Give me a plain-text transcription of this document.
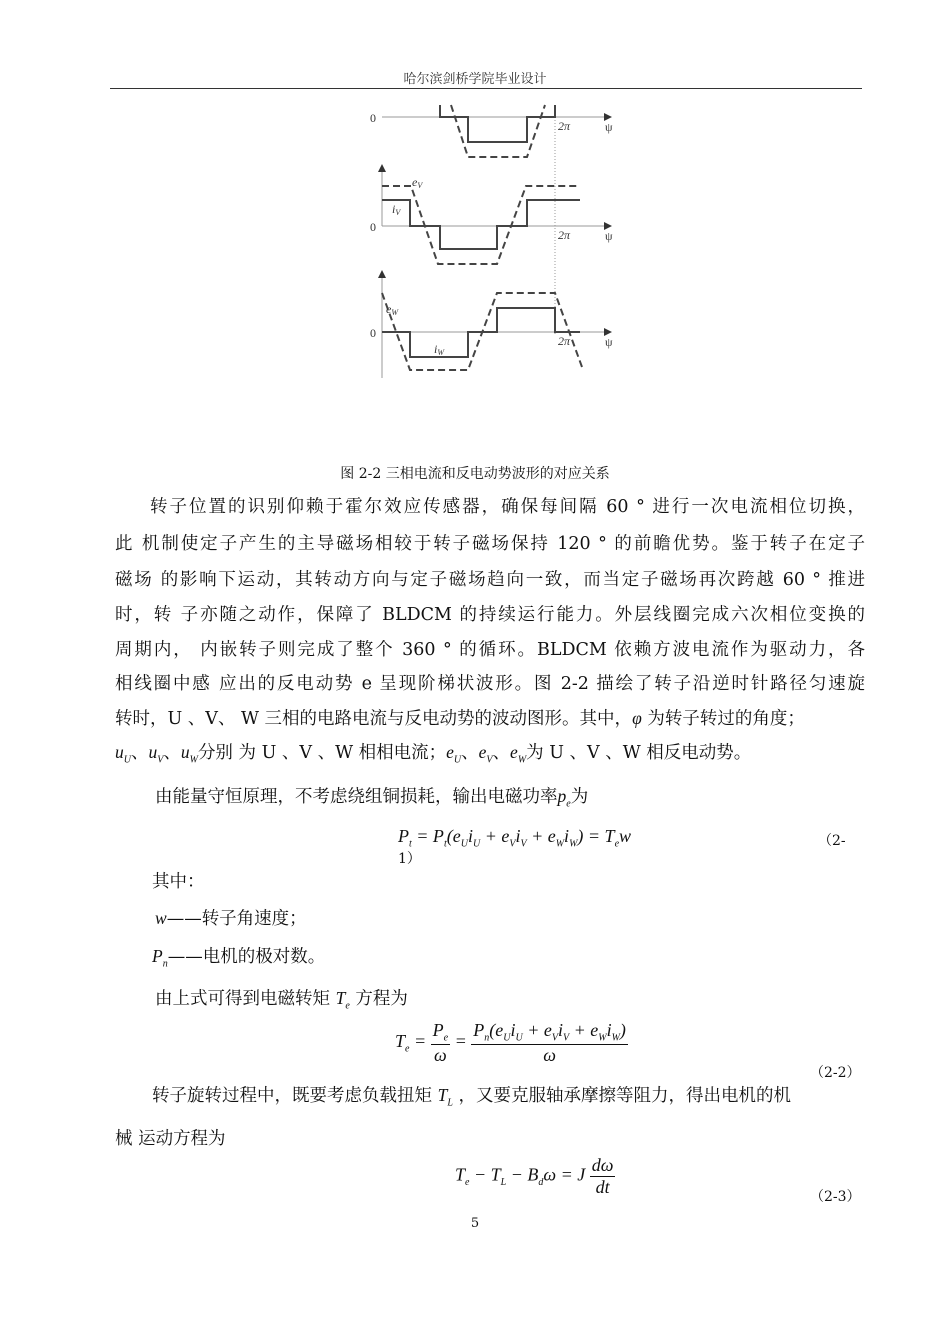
哈尔滨剑桥学院毕业设计
0
0
0
2π
2π
2π
ψ
ψ
ψ
eV
iV
eW
iW
图 2-2 三相电流和反电动势波形的对应关系
转子位置的识别仰赖于霍尔效应传感器，确保每间隔 60 ° 进行一次电流相位切换，
此 机制使定子产生的主导磁场相较于转子磁场保持 120 ° 的前瞻优势。鉴于转子在定子
磁场 的影响下运动，其转动方向与定子磁场趋向一致，而当定子磁场再次跨越 60 ° 推进
时，转 子亦随之动作，保障了 BLDCM 的持续运行能力。外层线圈完成六次相位变换的
周期内， 内嵌转子则完成了整个 360 ° 的循环。BLDCM 依赖方波电流作为驱动力，各
相线圈中感 应出的反电动势 e 呈现阶梯状波形。图 2-2 描绘了转子沿逆时针路径匀速旋
转时，U 、V、 W 三相的电路电流与反电动势的波动图形。其中，φ 为转子转过的角度；
$u_U$、$u_V$、$u_W$分别 为 U 、V 、W 相相电流；$e_U$、$e_V$、$e_W$为 U 、V 、W 相反电动势。
由能量守恒原理，不考虑绕组铜损耗，输出电磁功率$p_e$为
$P_t = P_t(e_Ui_U + e_Vi_V + e_Wi_W) = T_ew$	（2-
1）
其中：
w——转子角速度；
$P_n——$电机的极对数。
由上式可得到电磁转矩 $T_e$ 方程为
$T_e = \frac{P_e}{\omega} = \frac{P_n(e_Ui_U + e_Vi_V + e_Wi_W)}{\omega}$
（2-2）
转子旋转过程中，既要考虑负载扭矩 $T_L$ ，又要克服轴承摩擦等阻力，得出电机的机
械 运动方程为
$T_e - T_L - B_d\omega = J \frac{d\omega}{dt}$	（2-3）
5
